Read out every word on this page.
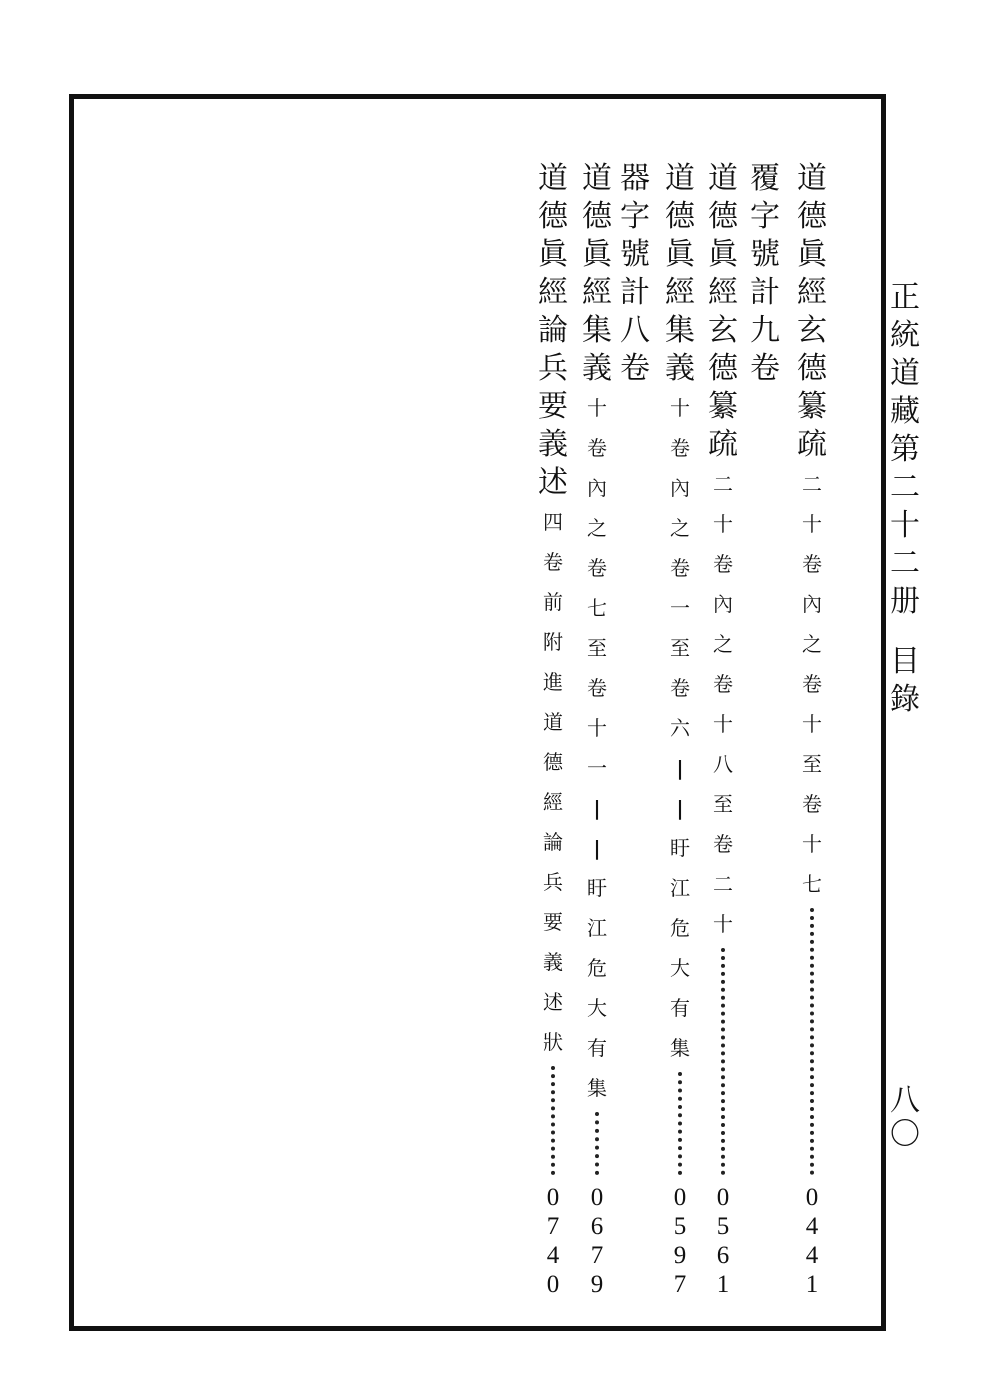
正
統
道
藏
第
二
十
二
册
目
錄
八
〇
道
德
眞
經
玄
德
纂
疏
二
十
卷
內
之
卷
十
至
卷
十
七
0
4
4
1
覆
字
號
計
九
卷
道
德
眞
經
玄
德
纂
疏
二
十
卷
內
之
卷
十
八
至
卷
二
十
0
5
6
1
道
德
眞
經
集
義
十
卷
內
之
卷
一
至
卷
六
|
|
盱
江
危
大
有
集
0
5
9
7
器
字
號
計
八
卷
道
德
眞
經
集
義
十
卷
內
之
卷
七
至
卷
十
一
|
|
盱
江
危
大
有
集
0
6
7
9
道
德
眞
經
論
兵
要
義
述
四
卷
前
附
進
道
德
經
論
兵
要
義
述
狀
0
7
4
0
